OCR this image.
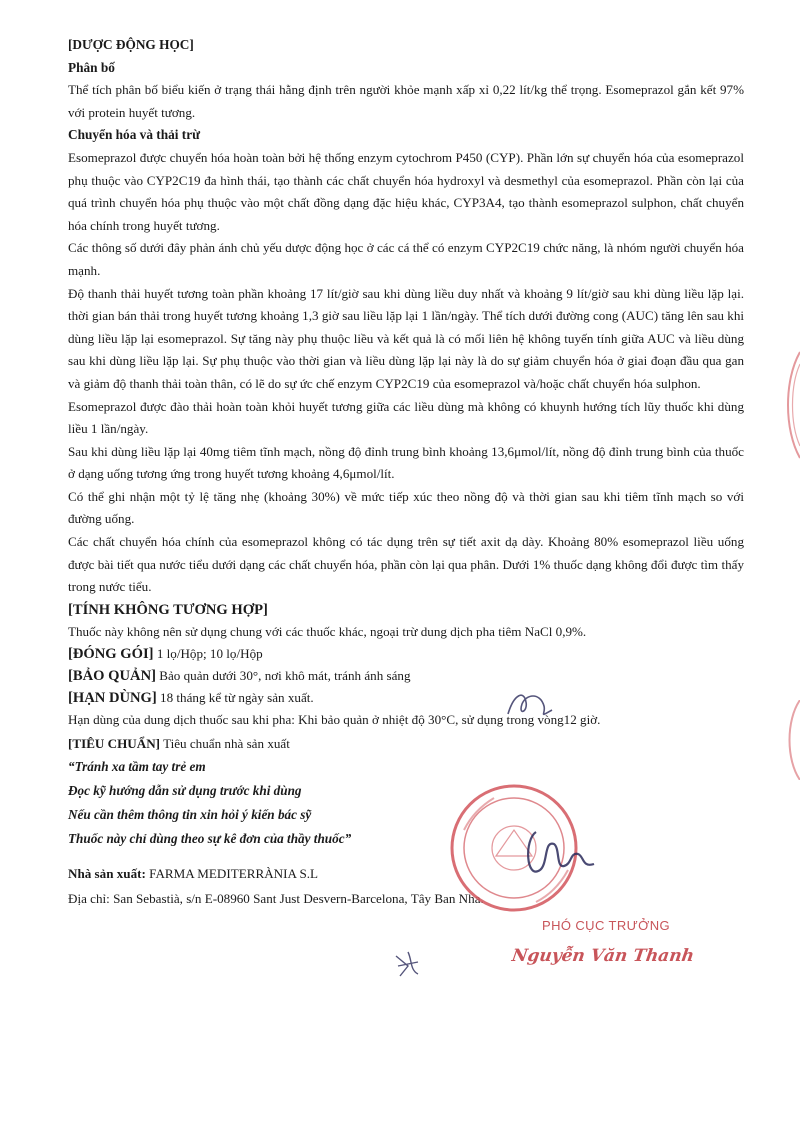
[DƯỢC ĐỘNG HỌC]

Phân bố

Thể tích phân bố biểu kiến ở trạng thái hằng định trên người khỏe mạnh xấp xỉ 0,22 lít/kg thể trọng. Esomeprazol gắn kết 97% với protein huyết tương.

Chuyển hóa và thải trừ

Esomeprazol được chuyển hóa hoàn toàn bởi hệ thống enzym cytochrom P450 (CYP). Phần lớn sự chuyển hóa của esomeprazol phụ thuộc vào CYP2C19 đa hình thái, tạo thành các chất chuyển hóa hydroxyl và desmethyl của esomeprazol. Phần còn lại của quá trình chuyển hóa phụ thuộc vào một chất đồng dạng đặc hiệu khác, CYP3A4, tạo thành esomeprazol sulphon, chất chuyển hóa chính trong huyết tương.

Các thông số dưới đây phản ánh chủ yếu dược động học ở các cá thể có enzym CYP2C19 chức năng, là nhóm người chuyển hóa mạnh.

Độ thanh thải huyết tương toàn phần khoảng 17 lít/giờ sau khi dùng liều duy nhất và khoảng 9 lít/giờ sau khi dùng liều lặp lại. thời gian bán thải trong huyết tương khoảng 1,3 giờ sau liều lặp lại 1 lần/ngày. Thể tích dưới đường cong (AUC) tăng lên sau khi dùng liều lặp lại esomeprazol. Sự tăng này phụ thuộc liều và kết quả là có mối liên hệ không tuyến tính giữa AUC và liều dùng sau khi dùng liều lặp lại. Sự phụ thuộc vào thời gian và liều dùng lặp lại này là do sự giảm chuyển hóa ở giai đoạn đầu qua gan và giảm độ thanh thải toàn thân, có lẽ do sự ức chế enzym CYP2C19 của esomeprazol và/hoặc chất chuyển hóa sulphon.

Esomeprazol được đào thải hoàn toàn khỏi huyết tương giữa các liều dùng mà không có khuynh hướng tích lũy thuốc khi dùng liều 1 lần/ngày.

Sau khi dùng liều lặp lại 40mg tiêm tĩnh mạch, nồng độ đỉnh trung bình khoảng 13,6μmol/lít, nồng độ đỉnh trung bình của thuốc ở dạng uống tương ứng trong huyết tương khoảng 4,6μmol/lít.

Có thể ghi nhận một tỷ lệ tăng nhẹ (khoảng 30%) về mức tiếp xúc theo nồng độ và thời gian sau khi tiêm tĩnh mạch so với đường uống.

Các chất chuyển hóa chính của esomeprazol không có tác dụng trên sự tiết axit dạ dày. Khoảng 80% esomeprazol liều uống được bài tiết qua nước tiểu dưới dạng các chất chuyển hóa, phần còn lại qua phân. Dưới 1% thuốc dạng không đổi được tìm thấy trong nước tiểu.

[TÍNH KHÔNG TƯƠNG HỢP]

Thuốc này không nên sử dụng chung với các thuốc khác, ngoại trừ dung dịch pha tiêm NaCl 0,9%.

[ĐÓNG GÓI] 1 lọ/Hộp; 10 lọ/Hộp

[BẢO QUẢN] Bảo quản dưới 30°, nơi khô mát, tránh ánh sáng

[HẠN DÙNG] 18 tháng kể từ ngày sản xuất.

Hạn dùng của dung dịch thuốc sau khi pha: Khi bảo quản ở nhiệt độ 30°C, sử dụng trong vòng12 giờ.

[TIÊU CHUẨN] Tiêu chuẩn nhà sản xuất

“Tránh xa tầm tay trẻ em

Đọc kỹ hướng dẫn sử dụng trước khi dùng

Nếu cần thêm thông tin xin hỏi ý kiến bác sỹ

Thuốc này chỉ dùng theo sự kê đơn của thầy thuốc”

Nhà sản xuất: FARMA MEDITERRÀNIA S.L

Địa chỉ: San Sebastià, s/n E-08960 Sant Just Desvern-Barcelona, Tây Ban Nha.

PHÓ CỤC TRƯỞNG
Nguyễn Văn Thanh
